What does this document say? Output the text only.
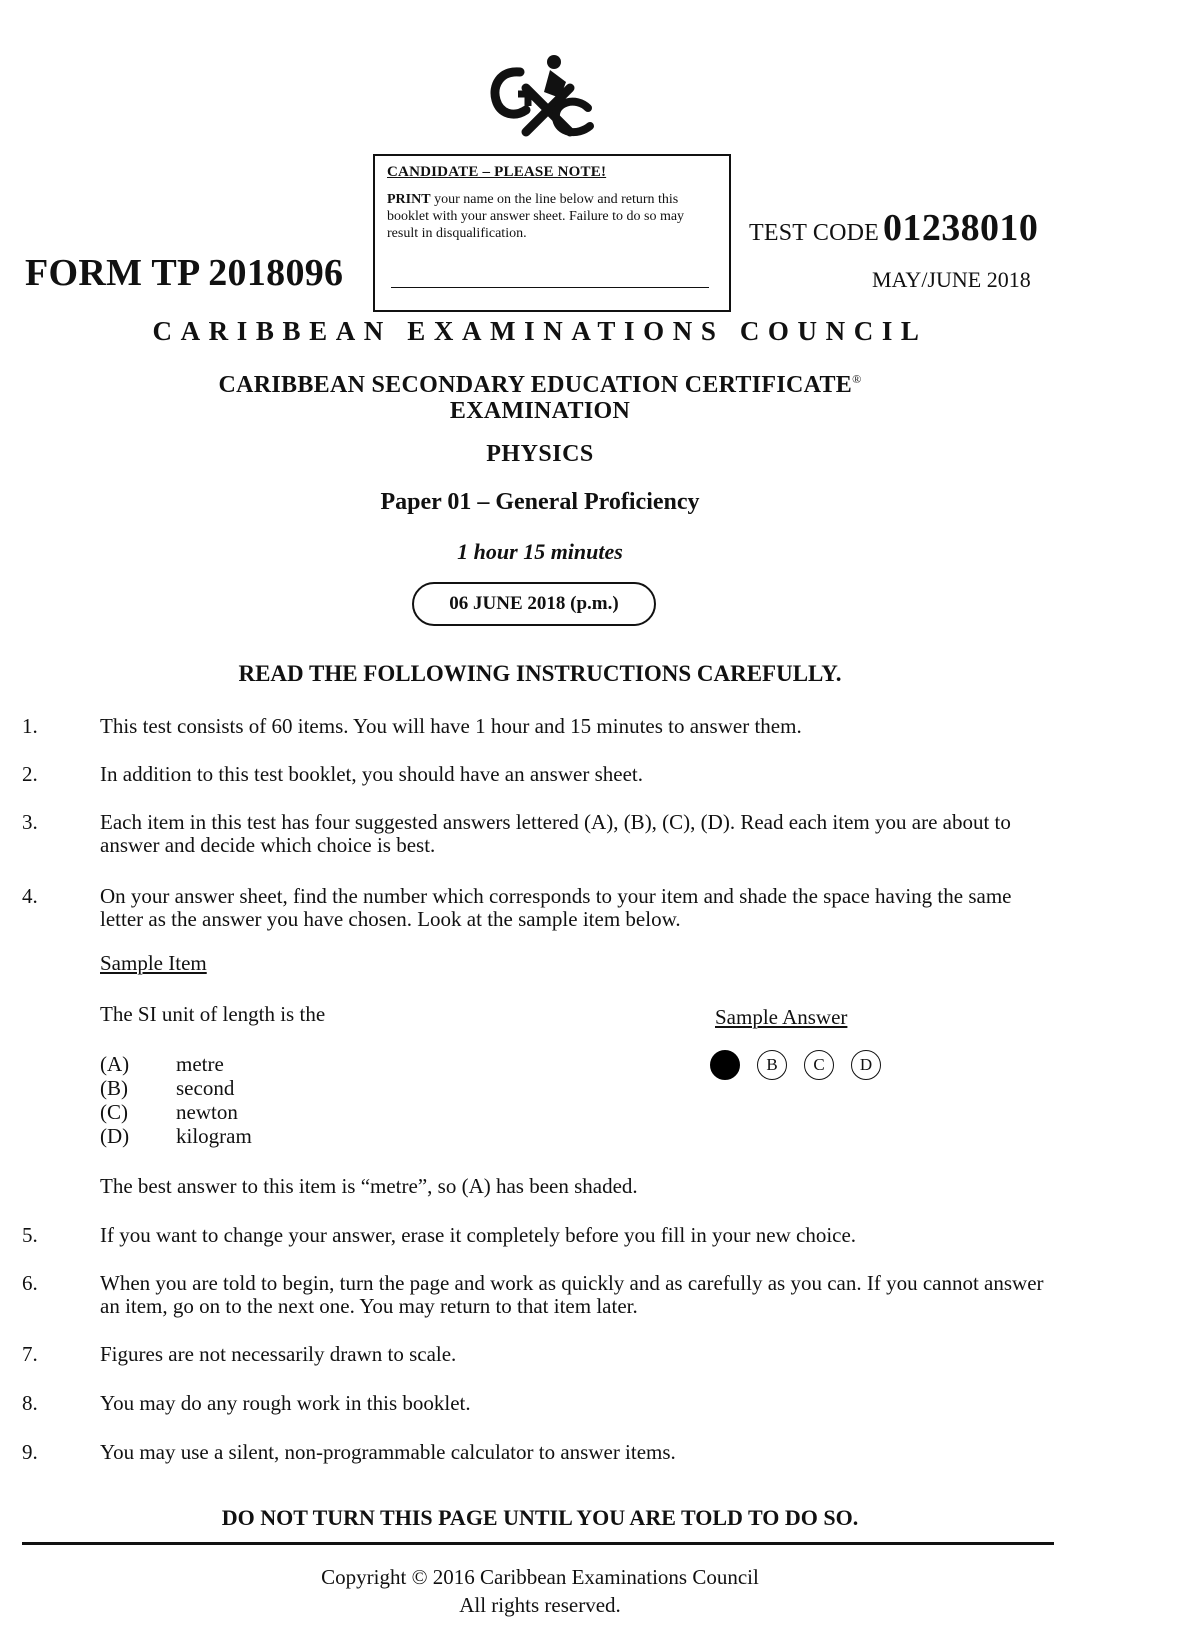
CANDIDATE – PLEASE NOTE!
PRINT your name on the line below and return this booklet with your answer sheet. Failure to do so may result in disqualification.
FORM TP 2018096
TEST CODE 01238010
MAY/JUNE 2018
CARIBBEAN EXAMINATIONS COUNCIL
CARIBBEAN SECONDARY EDUCATION CERTIFICATE®
EXAMINATION
PHYSICS
Paper 01 – General Proficiency
1 hour 15 minutes
06 JUNE 2018 (p.m.)
READ THE FOLLOWING INSTRUCTIONS CAREFULLY.
1.	This test consists of 60 items. You will have 1 hour and 15 minutes to answer them.
2.	In addition to this test booklet, you should have an answer sheet.
3.	Each item in this test has four suggested answers lettered (A), (B), (C), (D). Read each item you are about to answer and decide which choice is best.
4.	On your answer sheet, find the number which corresponds to your item and shade the space having the same letter as the answer you have chosen. Look at the sample item below.
Sample Item
The SI unit of length is the
(A) metre
(B) second
(C) newton
(D) kilogram
Sample Answer
B C D
The best answer to this item is “metre”, so (A) has been shaded.
5.	If you want to change your answer, erase it completely before you fill in your new choice.
6.	When you are told to begin, turn the page and work as quickly and as carefully as you can. If you cannot answer an item, go on to the next one. You may return to that item later.
7.	Figures are not necessarily drawn to scale.
8.	You may do any rough work in this booklet.
9.	You may use a silent, non-programmable calculator to answer items.
DO NOT TURN THIS PAGE UNTIL YOU ARE TOLD TO DO SO.
Copyright © 2016 Caribbean Examinations Council
All rights reserved.
